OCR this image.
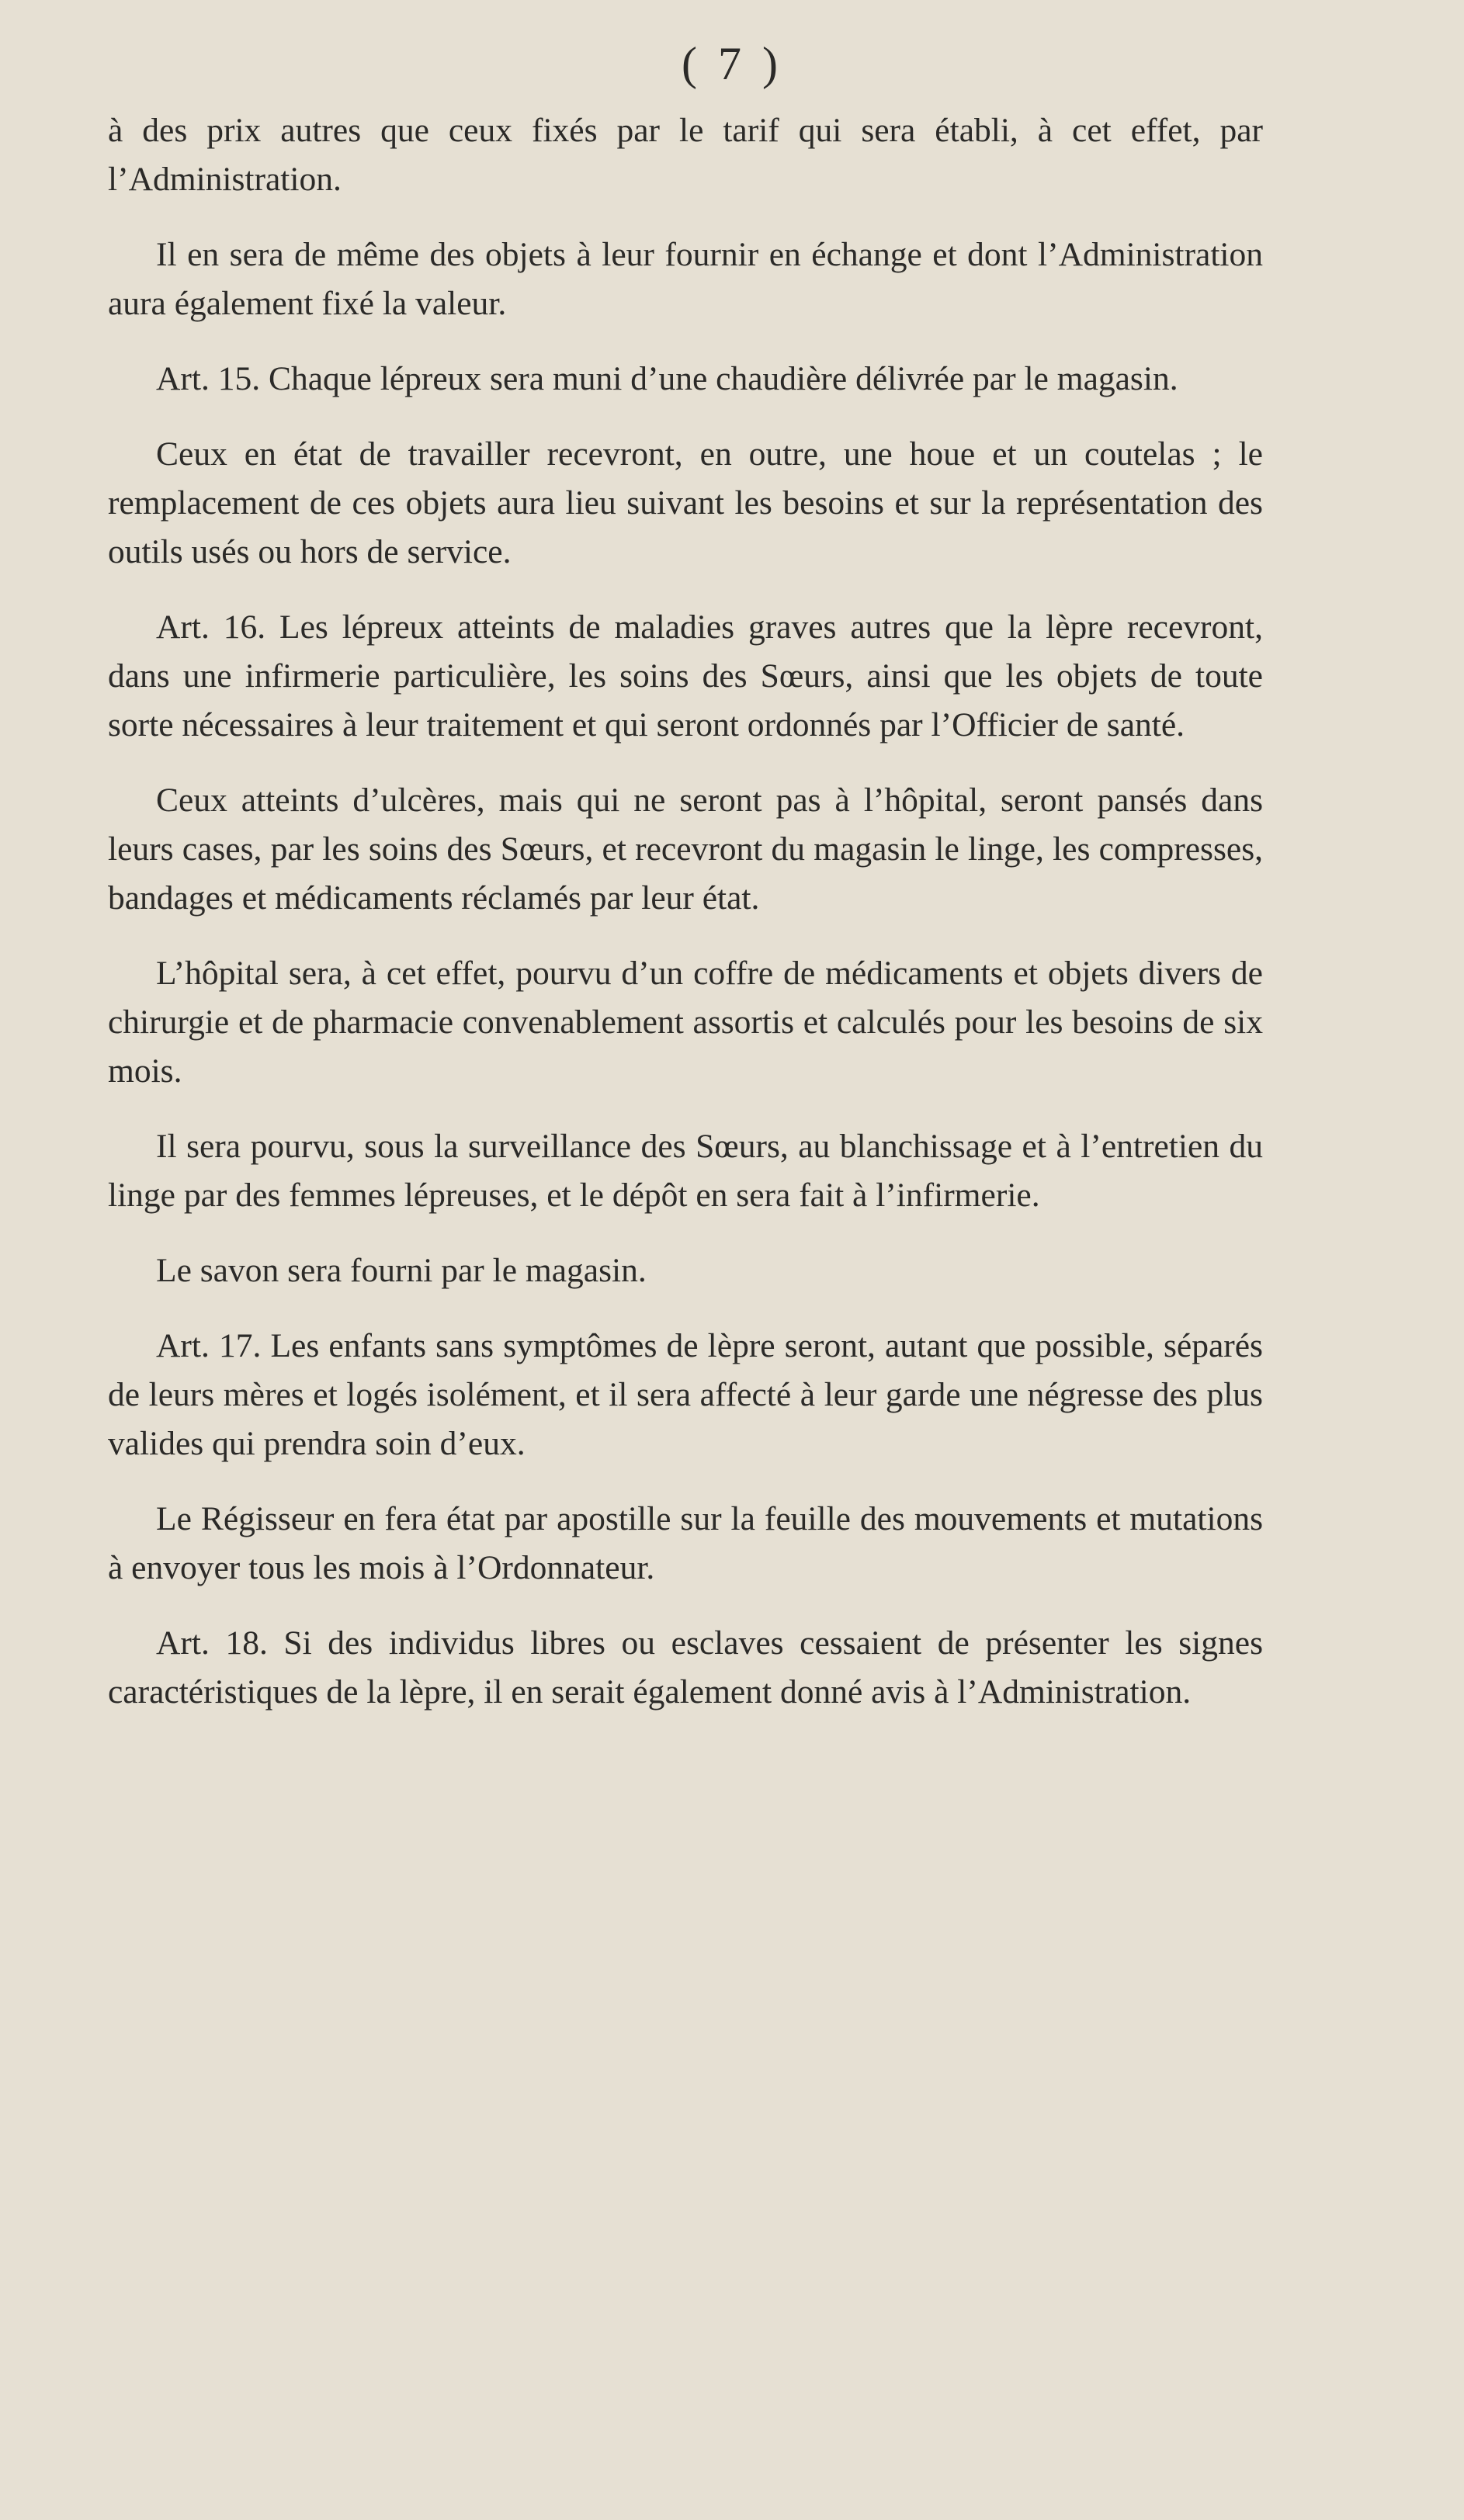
( 7 )

à des prix autres que ceux fixés par le tarif qui sera établi, à cet effet, par l’Administration.

Il en sera de même des objets à leur fournir en échange et dont l’Administration aura également fixé la valeur.

Art. 15. Chaque lépreux sera muni d’une chaudière délivrée par le magasin.

Ceux en état de travailler recevront, en outre, une houe et un coutelas ; le remplacement de ces objets aura lieu suivant les besoins et sur la représentation des outils usés ou hors de service.

Art. 16. Les lépreux atteints de maladies graves autres que la lèpre recevront, dans une infirmerie particulière, les soins des Sœurs, ainsi que les objets de toute sorte nécessaires à leur traitement et qui seront ordonnés par l’Officier de santé.

Ceux atteints d’ulcères, mais qui ne seront pas à l’hôpital, seront pansés dans leurs cases, par les soins des Sœurs, et recevront du magasin le linge, les compresses, bandages et médicaments réclamés par leur état.

L’hôpital sera, à cet effet, pourvu d’un coffre de médicaments et objets divers de chirurgie et de pharmacie convenablement assortis et calculés pour les besoins de six mois.

Il sera pourvu, sous la surveillance des Sœurs, au blanchissage et à l’entretien du linge par des femmes lépreuses, et le dépôt en sera fait à l’infirmerie.

Le savon sera fourni par le magasin.

Art. 17. Les enfants sans symptômes de lèpre seront, autant que possible, séparés de leurs mères et logés isolément, et il sera affecté à leur garde une négresse des plus valides qui prendra soin d’eux.

Le Régisseur en fera état par apostille sur la feuille des mouvements et mutations à envoyer tous les mois à l’Ordonnateur.

Art. 18. Si des individus libres ou esclaves cessaient de présenter les signes caractéristiques de la lèpre, il en serait également donné avis à l’Administration.
